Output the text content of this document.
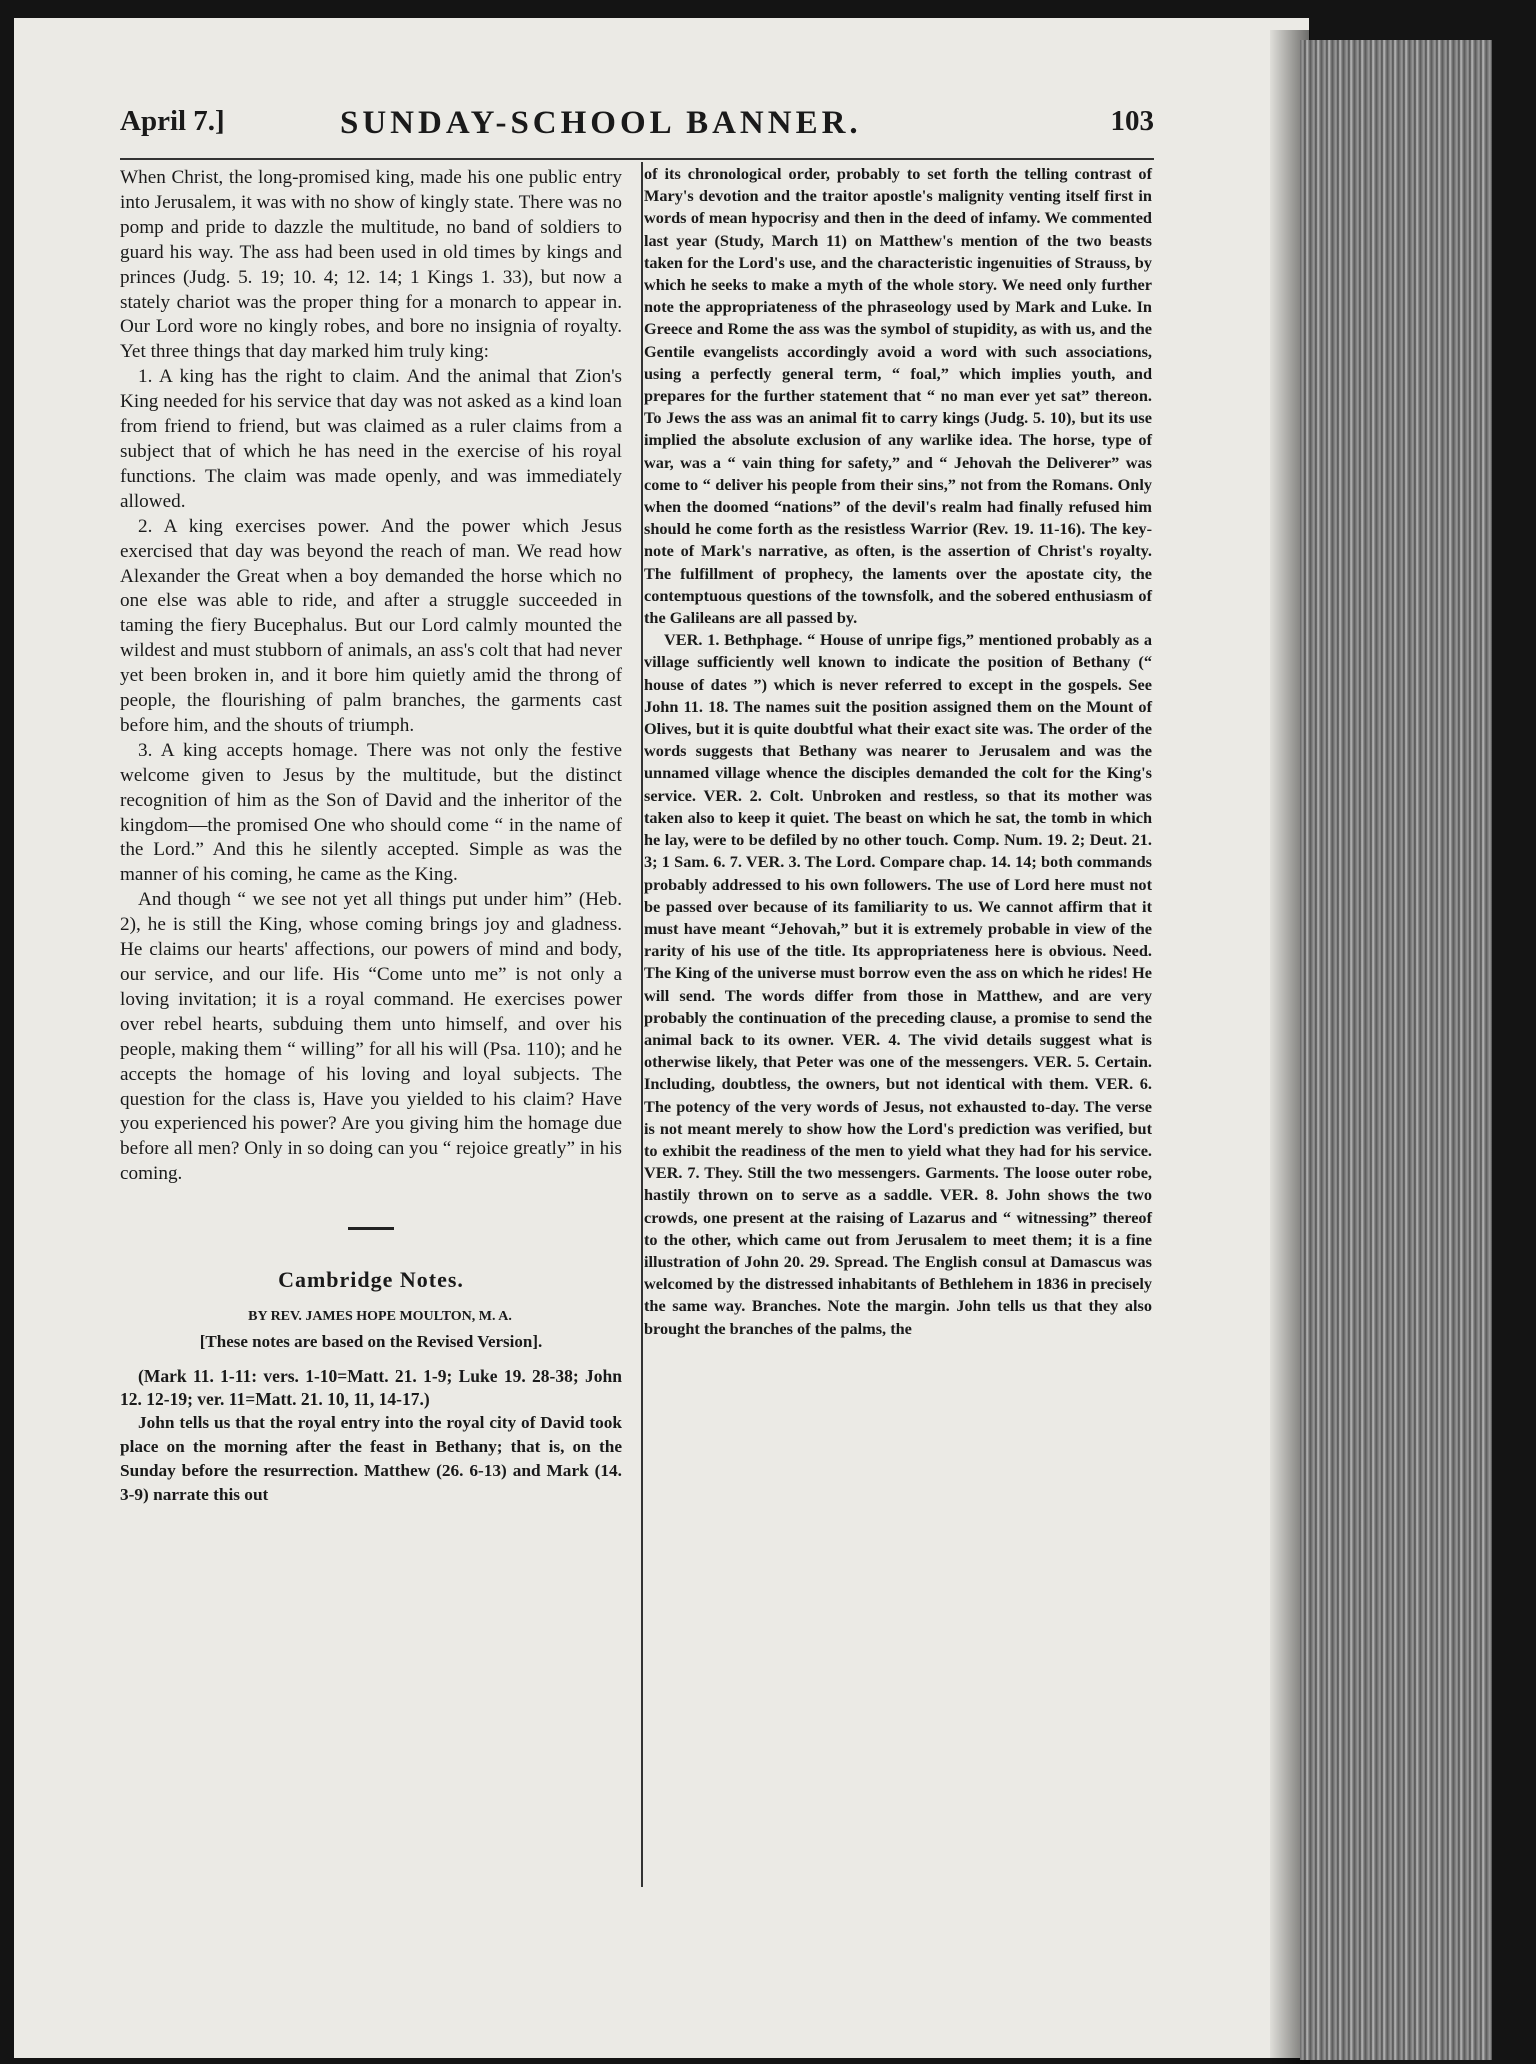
April 7.]	SUNDAY-SCHOOL BANNER.	103

When Christ, the long-promised king, made his one public entry into Jerusalem, it was with no show of kingly state. There was no pomp and pride to dazzle the multitude, no band of soldiers to guard his way. The ass had been used in old times by kings and princes (Judg. 5. 19; 10. 4; 12. 14; 1 Kings 1. 33), but now a stately chariot was the proper thing for a monarch to appear in. Our Lord wore no kingly robes, and bore no insignia of royalty. Yet three things that day marked him truly king:

1. A king has the right to claim. And the animal that Zion's King needed for his service that day was not asked as a kind loan from friend to friend, but was claimed as a ruler claims from a subject that of which he has need in the exercise of his royal functions. The claim was made openly, and was immediately allowed.

2. A king exercises power. And the power which Jesus exercised that day was beyond the reach of man. We read how Alexander the Great when a boy demanded the horse which no one else was able to ride, and after a struggle succeeded in taming the fiery Bucephalus. But our Lord calmly mounted the wildest and must stubborn of animals, an ass's colt that had never yet been broken in, and it bore him quietly amid the throng of people, the flourishing of palm branches, the garments cast before him, and the shouts of triumph.

3. A king accepts homage. There was not only the festive welcome given to Jesus by the multitude, but the distinct recognition of him as the Son of David and the inheritor of the kingdom—the promised One who should come “ in the name of the Lord.” And this he silently accepted. Simple as was the manner of his coming, he came as the King.

And though “ we see not yet all things put under him” (Heb. 2), he is still the King, whose coming brings joy and gladness. He claims our hearts' affections, our powers of mind and body, our service, and our life. His “Come unto me” is not only a loving invitation; it is a royal command. He exercises power over rebel hearts, subduing them unto himself, and over his people, making them “ willing” for all his will (Psa. 110); and he accepts the homage of his loving and loyal subjects. The question for the class is, Have you yielded to his claim? Have you experienced his power? Are you giving him the homage due before all men? Only in so doing can you “ rejoice greatly” in his coming.

Cambridge Notes.

BY REV. JAMES HOPE MOULTON, M. A.

[These notes are based on the Revised Version].

(Mark 11. 1-11: vers. 1-10=Matt. 21. 1-9; Luke 19. 28-38; John 12. 12-19; ver. 11=Matt. 21. 10, 11, 14-17.)

John tells us that the royal entry into the royal city of David took place on the morning after the feast in Bethany; that is, on the Sunday before the resurrection. Matthew (26. 6-13) and Mark (14. 3-9) narrate this out

of its chronological order, probably to set forth the telling contrast of Mary's devotion and the traitor apostle's malignity venting itself first in words of mean hypocrisy and then in the deed of infamy. We commented last year (Study, March 11) on Matthew's mention of the two beasts taken for the Lord's use, and the characteristic ingenuities of Strauss, by which he seeks to make a myth of the whole story. We need only further note the appropriateness of the phraseology used by Mark and Luke. In Greece and Rome the ass was the symbol of stupidity, as with us, and the Gentile evangelists accordingly avoid a word with such associations, using a perfectly general term, “ foal,” which implies youth, and prepares for the further statement that “ no man ever yet sat” thereon. To Jews the ass was an animal fit to carry kings (Judg. 5. 10), but its use implied the absolute exclusion of any warlike idea. The horse, type of war, was a “ vain thing for safety,” and “ Jehovah the Deliverer” was come to “ deliver his people from their sins,” not from the Romans. Only when the doomed “nations” of the devil's realm had finally refused him should he come forth as the resistless Warrior (Rev. 19. 11-16). The key-note of Mark's narrative, as often, is the assertion of Christ's royalty. The fulfillment of prophecy, the laments over the apostate city, the contemptuous questions of the townsfolk, and the sobered enthusiasm of the Galileans are all passed by.

VER. 1. Bethphage. “ House of unripe figs,” mentioned probably as a village sufficiently well known to indicate the position of Bethany (“ house of dates ”) which is never referred to except in the gospels. See John 11. 18. The names suit the position assigned them on the Mount of Olives, but it is quite doubtful what their exact site was. The order of the words suggests that Bethany was nearer to Jerusalem and was the unnamed village whence the disciples demanded the colt for the King's service. VER. 2. Colt. Unbroken and restless, so that its mother was taken also to keep it quiet. The beast on which he sat, the tomb in which he lay, were to be defiled by no other touch. Comp. Num. 19. 2; Deut. 21. 3; 1 Sam. 6. 7. VER. 3. The Lord. Compare chap. 14. 14; both commands probably addressed to his own followers. The use of Lord here must not be passed over because of its familiarity to us. We cannot affirm that it must have meant “Jehovah,” but it is extremely probable in view of the rarity of his use of the title. Its appropriateness here is obvious. Need. The King of the universe must borrow even the ass on which he rides! He will send. The words differ from those in Matthew, and are very probably the continuation of the preceding clause, a promise to send the animal back to its owner. VER. 4. The vivid details suggest what is otherwise likely, that Peter was one of the messengers. VER. 5. Certain. Including, doubtless, the owners, but not identical with them. VER. 6. The potency of the very words of Jesus, not exhausted to-day. The verse is not meant merely to show how the Lord's prediction was verified, but to exhibit the readiness of the men to yield what they had for his service. VER. 7. They. Still the two messengers. Garments. The loose outer robe, hastily thrown on to serve as a saddle. VER. 8. John shows the two crowds, one present at the raising of Lazarus and “ witnessing” thereof to the other, which came out from Jerusalem to meet them; it is a fine illustration of John 20. 29. Spread. The English consul at Damascus was welcomed by the distressed inhabitants of Bethlehem in 1836 in precisely the same way. Branches. Note the margin. John tells us that they also brought the branches of the palms, the
